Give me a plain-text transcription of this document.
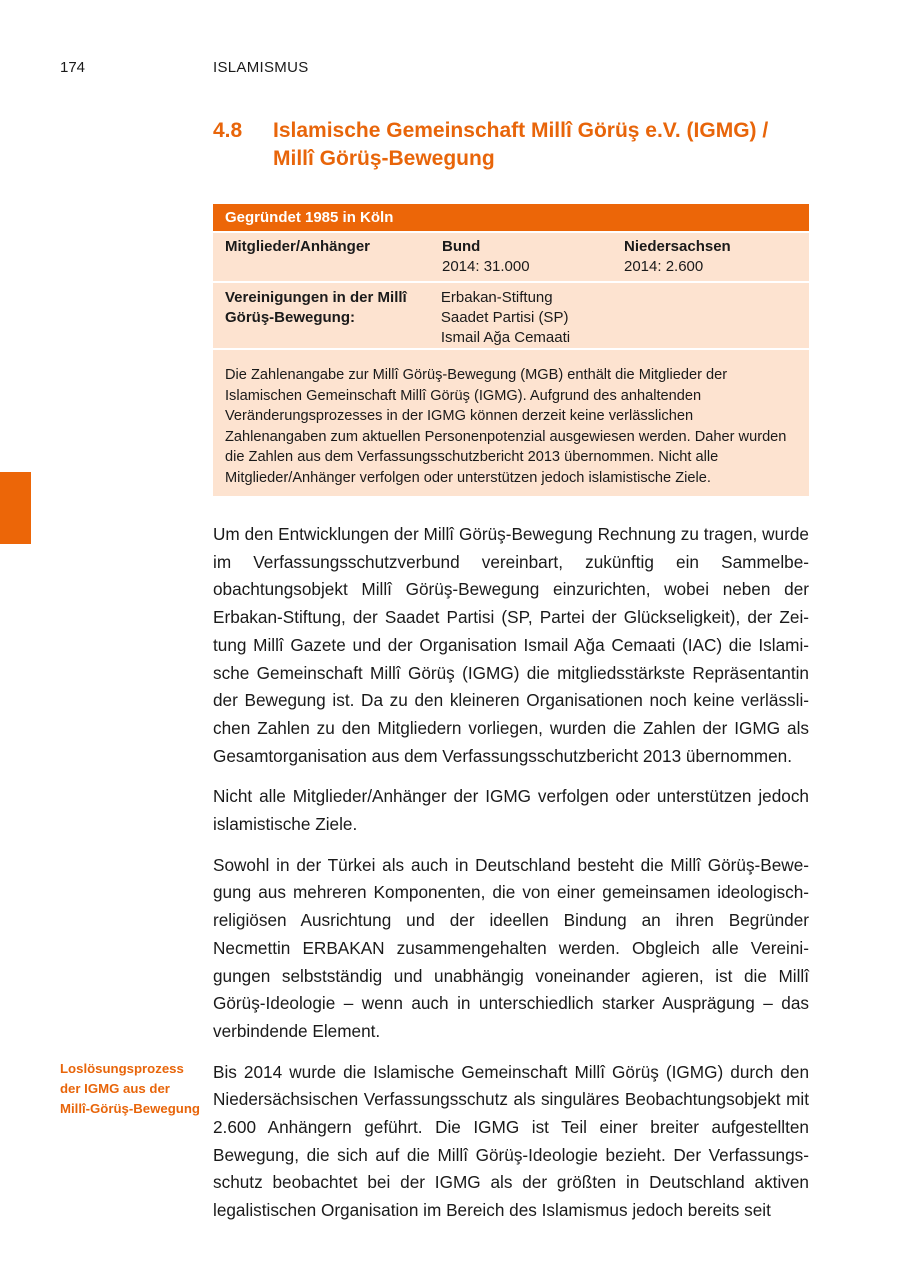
174	ISLAMISMUS
4.8 Islamische Gemeinschaft Millî Görüş e.V. (IGMG) / Millî Görüş-Bewegung
Gegründet 1985 in Köln
Mitglieder/Anhänger	Bund
2014: 31.000
Niedersachsen
2014: 2.600
Vereinigungen in der Millî Görüş-Bewegung:
Erbakan-Stiftung
Saadet Partisi (SP)
Ismail Ağa Cemaati
Die Zahlenangabe zur Millî Görüş-Bewegung (MGB) enthält die Mitglieder der Islamischen Gemeinschaft Millî Görüş (IGMG). Aufgrund des anhaltenden Veränderungsprozesses in der IGMG können derzeit keine verlässlichen Zahlenangaben zum aktuellen Personenpotenzial ausgewiesen werden. Daher wurden die Zahlen aus dem Verfassungsschutzbericht 2013 übernommen. Nicht alle Mitglieder/Anhänger verfolgen oder unterstützen jedoch islamistische Ziele.

Um den Entwicklungen der Millî Görüş-Bewegung Rechnung zu tragen, wurde im Verfassungsschutzverbund vereinbart, zukünftig ein Sammelbeobachtungsobjekt Millî Görüş-Bewegung einzurichten, wobei neben der Erbakan-Stiftung, der Saadet Partisi (SP, Partei der Glückseligkeit), der Zeitung Millî Gazete und der Organisation Ismail Ağa Cemaati (IAC) die Islamische Gemeinschaft Millî Görüş (IGMG) die mitgliedsstärkste Repräsentantin der Bewegung ist. Da zu den kleineren Organisationen noch keine verlässlichen Zahlen zu den Mitgliedern vorliegen, wurden die Zahlen der IGMG als Gesamtorganisation aus dem Verfassungsschutzbericht 2013 übernommen.

Nicht alle Mitglieder/Anhänger der IGMG verfolgen oder unterstützen jedoch islamistische Ziele.

Sowohl in der Türkei als auch in Deutschland besteht die Millî Görüş-Bewegung aus mehreren Komponenten, die von einer gemeinsamen ideologisch-religiösen Ausrichtung und der ideellen Bindung an ihren Begründer Necmettin ERBAKAN zusammengehalten werden. Obgleich alle Vereinigungen selbstständig und unabhängig voneinander agieren, ist die Millî Görüş-Ideologie – wenn auch in unterschiedlich starker Ausprägung – das verbindende Element.

Bis 2014 wurde die Islamische Gemeinschaft Millî Görüş (IGMG) durch den Niedersächsischen Verfassungsschutz als singuläres Beobachtungsobjekt mit 2.600 Anhängern geführt. Die IGMG ist Teil einer breiter aufgestellten Bewegung, die sich auf die Millî Görüş-Ideologie bezieht. Der Verfassungsschutz beobachtet bei der IGMG als der größten in Deutschland aktiven legalistischen Organisation im Bereich des Islamismus jedoch bereits seit

Loslösungsprozess der IGMG aus der Millî-Görüş-Bewegung
